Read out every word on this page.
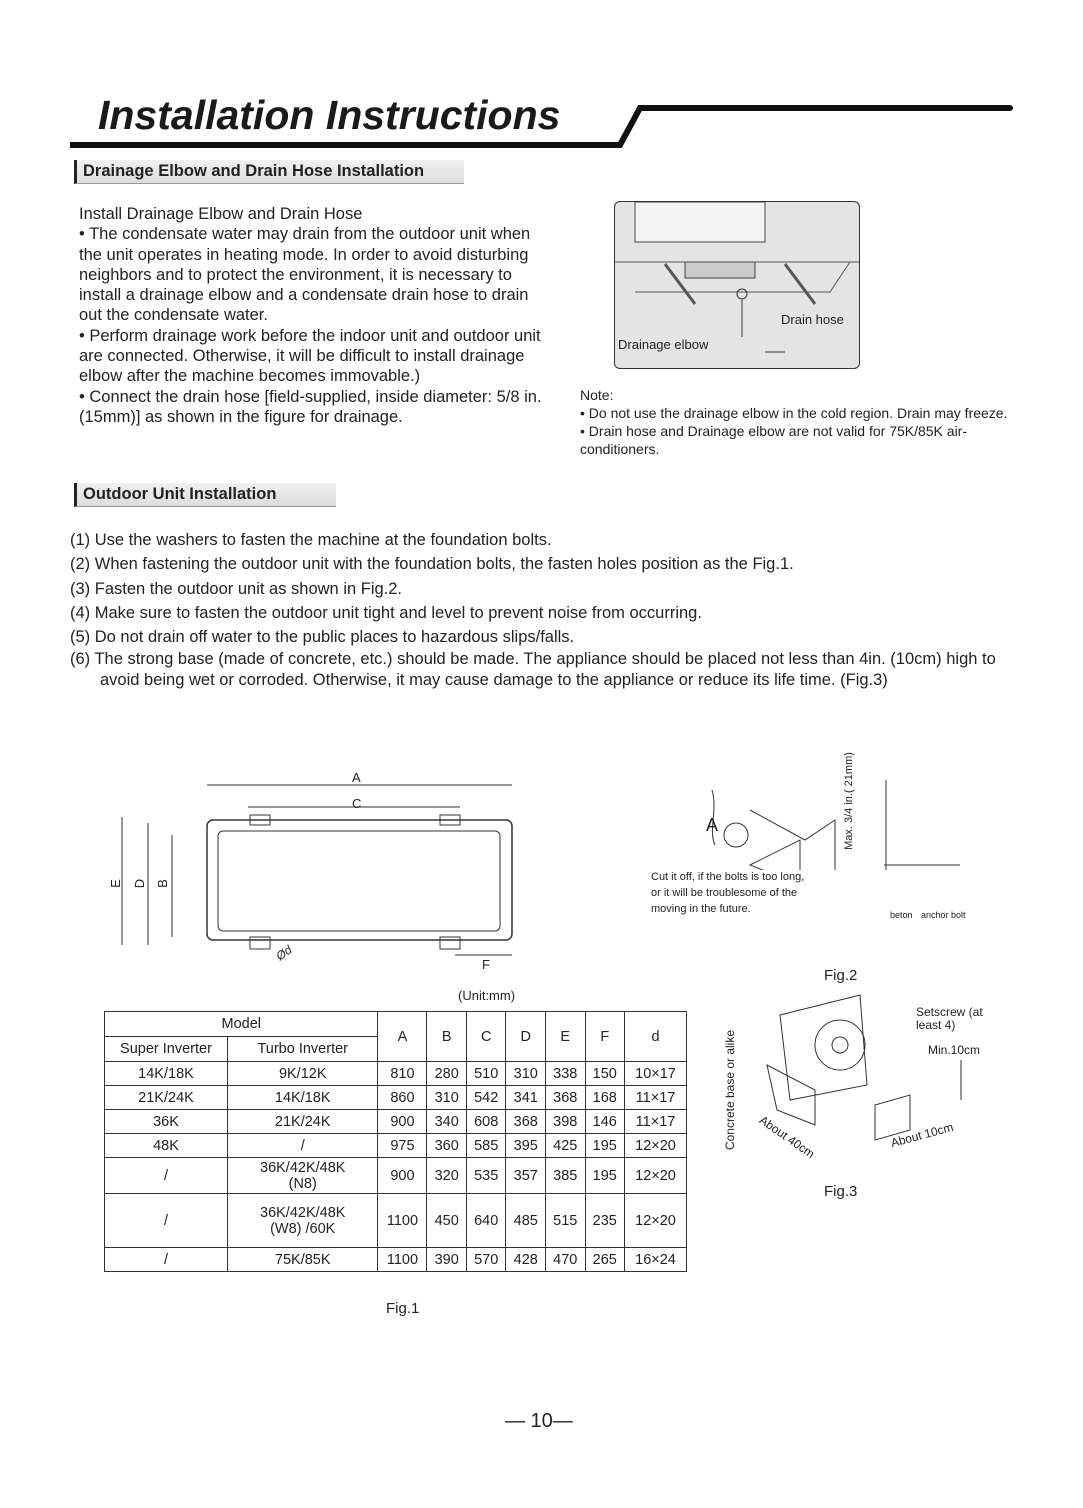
Installation Instructions
Drainage Elbow and Drain Hose Installation
Install Drainage Elbow and Drain Hose
• The condensate water may drain from the outdoor unit when the unit operates in heating mode. In order to avoid disturbing neighbors and to protect the environment, it is necessary to install a drainage elbow and a condensate drain hose to drain out the condensate water.
• Perform drainage work before the indoor unit and outdoor unit are connected. Otherwise, it will be difficult to install drainage elbow after the machine becomes immovable.)
• Connect the drain hose [field-supplied, inside diameter: 5/8 in. (15mm)] as shown in the figure for drainage.
Drain hose
Drainage elbow
Note:
• Do not use the drainage elbow in the cold region. Drain may freeze.
• Drain hose and Drainage elbow are not valid for 75K/85K air-conditioners.
Outdoor Unit Installation
(1) Use the washers to fasten the machine at the foundation bolts.
(2) When fastening the outdoor unit with the foundation bolts, the fasten holes position as the Fig.1.
(3) Fasten the outdoor unit as shown in Fig.2.
(4) Make sure to fasten the outdoor unit tight and level to prevent noise from occurring.
(5) Do not drain off water to the public places to hazardous slips/falls.
(6) The strong base (made of concrete, etc.) should be made. The appliance should be placed not less than 4in. (10cm) high to avoid being wet or corroded. Otherwise, it may cause damage to the appliance or reduce its life time. (Fig.3)
A
C
E D B
F
Ød
(Unit:mm)
Model		A	B	C	D	E	F	d
Super Inverter	Turbo Inverter							
14K/18K	9K/12K	810	280	510	310	338	150	10×17
21K/24K	14K/18K	860	310	542	341	368	168	11×17
36K	21K/24K	900	340	608	368	398	146	11×17
48K	/	975	360	585	395	425	195	12×20
/	36K/42K/48K (N8)	900	320	535	357	385	195	12×20
/	36K/42K/48K (W8) /60K	1100	450	640	485	515	235	12×20
/	75K/85K	1100	390	570	428	470	265	16×24
Fig.1
A
Cut it off, if the bolts is too long, or it will be troublesome of the moving in the future.
Max. 3/4 in.( 21mm)
beton anchor bolt
Fig.2
Setscrew (at least 4)
Min.10cm
Concrete base or alike About 40cm	About 10cm
Fig.3
— 10—
